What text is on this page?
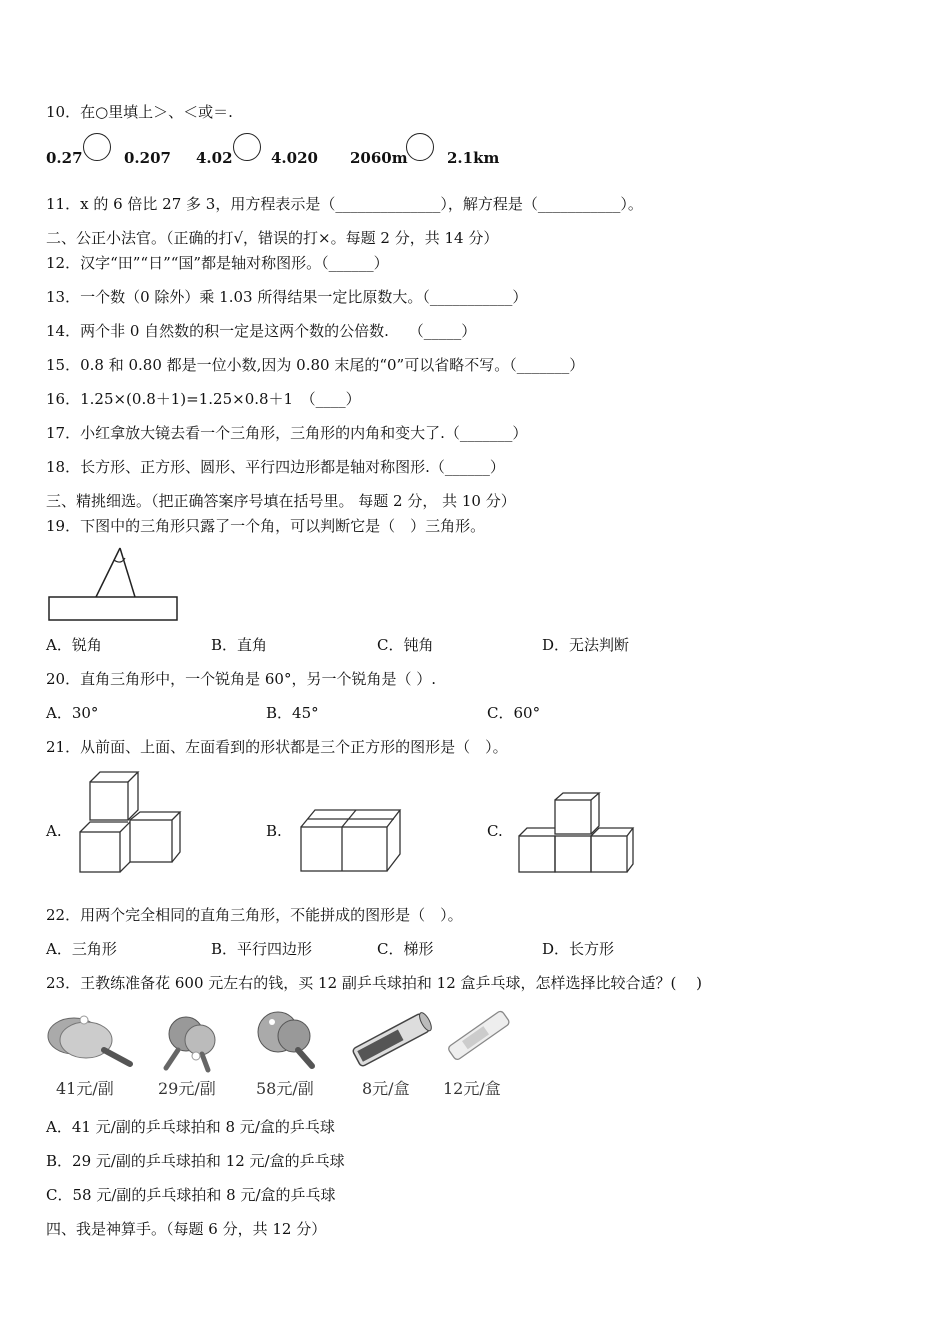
10．在○里填上＞、＜或＝.
0.27	0.207 4.02	4.020 2060m	2.1km
11．x 的 6 倍比 27 多 3，用方程表示是（______________），解方程是（___________）。
二、公正小法官。（正确的打√，错误的打×。每题 2 分，共 14 分）
12．汉字“田”“日”“国”都是轴对称图形。（______）
13．一个数（0 除外）乘 1.03 所得结果一定比原数大。（___________）
14．两个非 0 自然数的积一定是这两个数的公倍数.　 （_____）
15．0.8 和 0.80 都是一位小数,因为 0.80 末尾的“0”可以省略不写。（_______）
16．1.25×(0.8＋1)=1.25×0.8＋1　（____）
17．小红拿放大镜去看一个三角形，三角形的内角和变大了.（_______）
18．长方形、正方形、圆形、平行四边形都是轴对称图形.（______）
三、精挑细选。（把正确答案序号填在括号里。 每题 2 分， 共 10 分）
19．下图中的三角形只露了一个角，可以判断它是（　）三角形。
A．锐角	B．直角	C．钝角	D．无法判断
20．直角三角形中，一个锐角是 60°，另一个锐角是（ ）.
A．30°	B．45°	C．60°
21．从前面、上面、左面看到的形状都是三个正方形的图形是（　）。
A.	B.	C.
22．用两个完全相同的直角三角形，不能拼成的图形是（　）。
A．三角形	B．平行四边形	C．梯形	D．长方形
23．王教练准备花 600 元左右的钱，买 12 副乒乓球拍和 12 盒乒乓球，怎样选择比较合适？(　 )
41元/副	29元/副	58元/副	8元/盒 12元/盒
A．41 元/副的乒乓球拍和 8 元/盒的乒乓球
B．29 元/副的乒乓球拍和 12 元/盒的乒乓球
C．58 元/副的乒乓球拍和 8 元/盒的乒乓球
四、我是神算手。（每题 6 分，共 12 分）
